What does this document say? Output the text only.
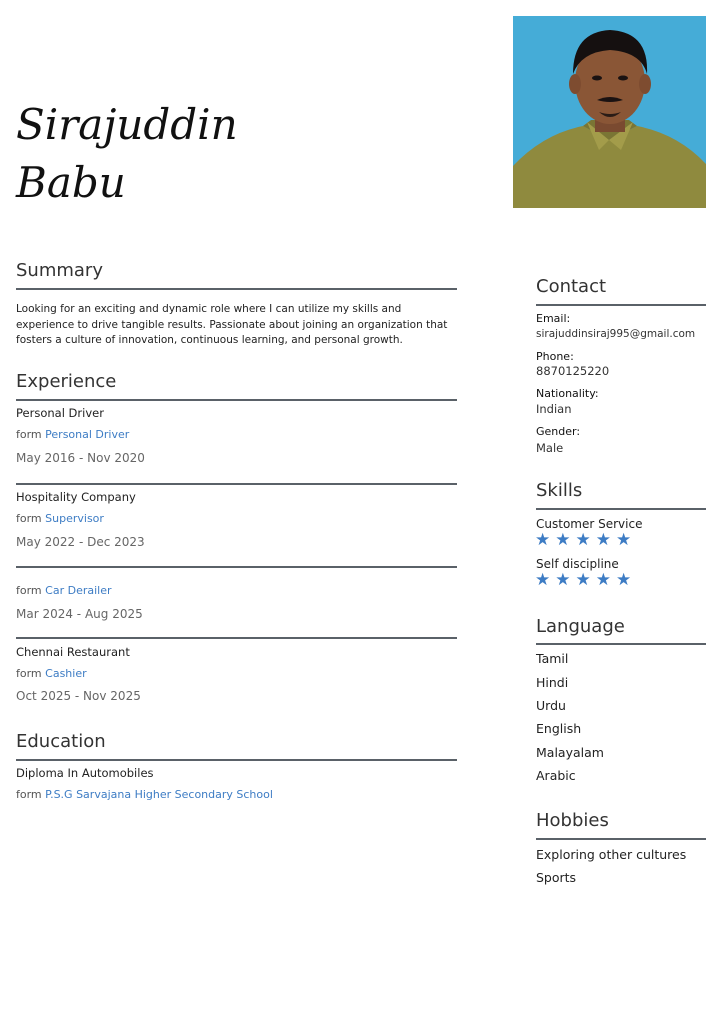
Sirajuddin
Babu
Summary

Looking for an exciting and dynamic role where I can utilize my skills and experience to drive tangible results. Passionate about joining an organization that fosters a culture of innovation, continuous learning, and personal growth.

Experience

Personal Driver

form Personal Driver

May 2016 - Nov 2020

Hospitality Company

form Supervisor

May 2022 - Dec 2023

form Car Derailer

Mar 2024 - Aug 2025

Chennai Restaurant

form Cashier

Oct 2025 - Nov 2025

Education

Diploma In Automobiles

form P.S.G Sarvajana Higher Secondary School

Contact

Email:

sirajuddinsiraj995@gmail.com

Phone:

8870125220

Nationality:

Indian

Gender:

Male

Skills

Customer Service

★★★★★

Self discipline

★★★★★

Language

Tamil

Hindi

Urdu

English

Malayalam

Arabic

Hobbies

Exploring other cultures

Sports
